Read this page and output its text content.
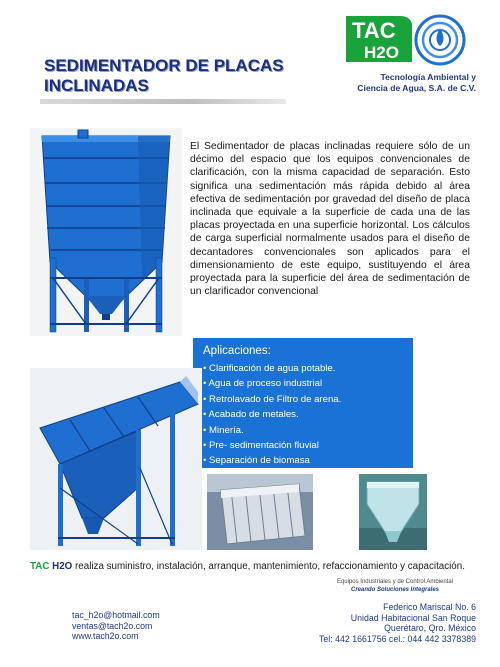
SEDIMENTADOR DE PLACAS
INCLINADAS
TAC
H2O
Tecnología Ambiental y
Ciencia de Agua, S.A. de C.V.

El Sedimentador de placas inclinadas requiere sólo de un décimo del espacio que los equipos convencionales de clarificación, con la misma capacidad de separación. Esto significa una sedimentación más rápida debido al área efectiva de sedimentación por gravedad del diseño de placa inclinada que equivale a la superficie de cada una de las placas proyectada en una superficie horizontal. Los cálculos de carga superficial normalmente usados para el diseño de decantadores convencionales son aplicados para el dimensionamiento de este equipo, sustituyendo el área proyectada para la superficie del área de sedimentación de un clarificador convencional

Aplicaciones:
• Clarificación de agua potable.
• Agua de proceso industrial
• Retrolavado de Filtro de arena.
• Acabado de metales.
• Minería.
• Pre- sedimentación fluvial
• Separación de biomasa
TAC H2O realiza suministro, instalación, arranque, mantenimiento, refaccionamiento y capacitación.
Equipos Industriales y de Control Ambiental
Creando Soluciones Integrales
tac_h2o@hotmail.com
ventas@tach2o.com
www.tach2o.com
Federico Mariscal No. 6
Unidad Habitacional San Roque
Querétaro, Qro. México
Tel: 442 1661756 cel.: 044 442 3378389
